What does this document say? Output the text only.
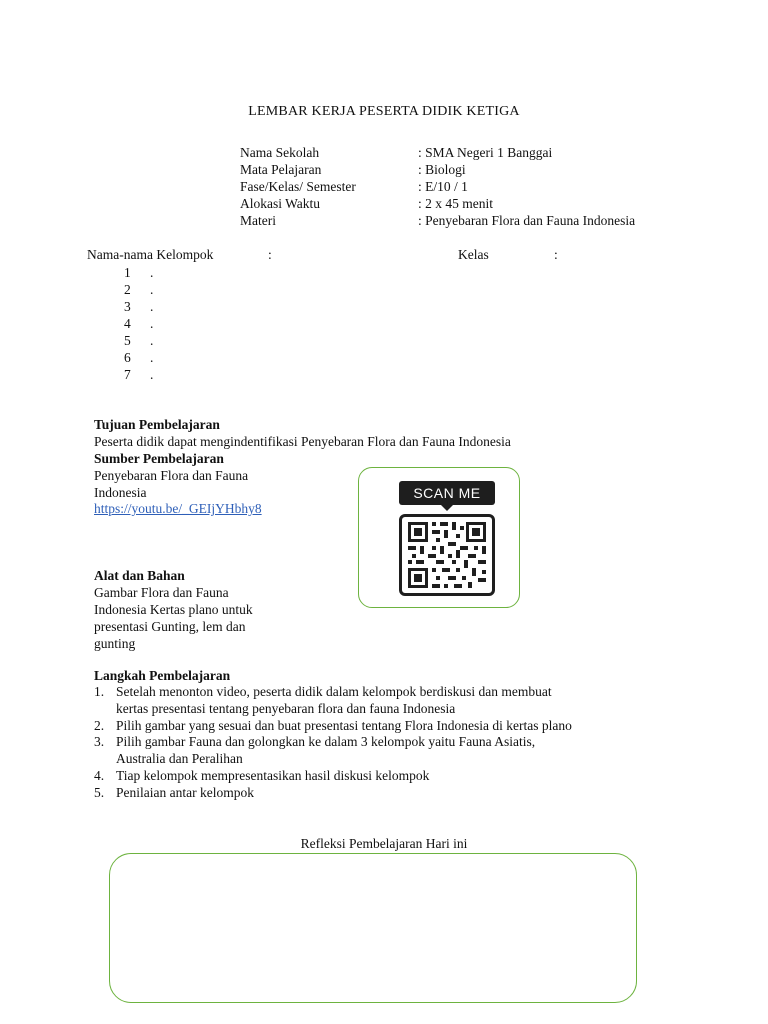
LEMBAR KERJA PESERTA DIDIK KETIGA
Nama Sekolah	: SMA Negeri 1 Banggai
Mata Pelajaran	: Biologi
Fase/Kelas/ Semester	: E/10 / 1
Alokasi Waktu	: 2 x 45 menit
Materi	: Penyebaran Flora dan Fauna Indonesia
Nama-nama Kelompok	:	Kelas	:
1 .
2 .
3 .
4 .
5 .
6 .
7 .
Tujuan Pembelajaran
Peserta didik dapat mengindentifikasi Penyebaran Flora dan Fauna Indonesia
Sumber Pembelajaran
Penyebaran Flora dan Fauna
Indonesia
https://youtu.be/_GEIjYHbhy8
SCAN ME
Alat dan Bahan
Gambar Flora dan Fauna
Indonesia Kertas plano untuk
presentasi Gunting, lem dan
gunting
Langkah Pembelajaran
1. Setelah menonton video, peserta didik dalam kelompok berdiskusi dan membuat
kertas presentasi tentang penyebaran flora dan fauna Indonesia
2. Pilih gambar yang sesuai dan buat presentasi tentang Flora Indonesia di kertas plano
3. Pilih gambar Fauna dan golongkan ke dalam 3 kelompok yaitu Fauna Asiatis,
Australia dan Peralihan
4. Tiap kelompok mempresentasikan hasil diskusi kelompok
5. Penilaian antar kelompok
Refleksi Pembelajaran Hari ini
